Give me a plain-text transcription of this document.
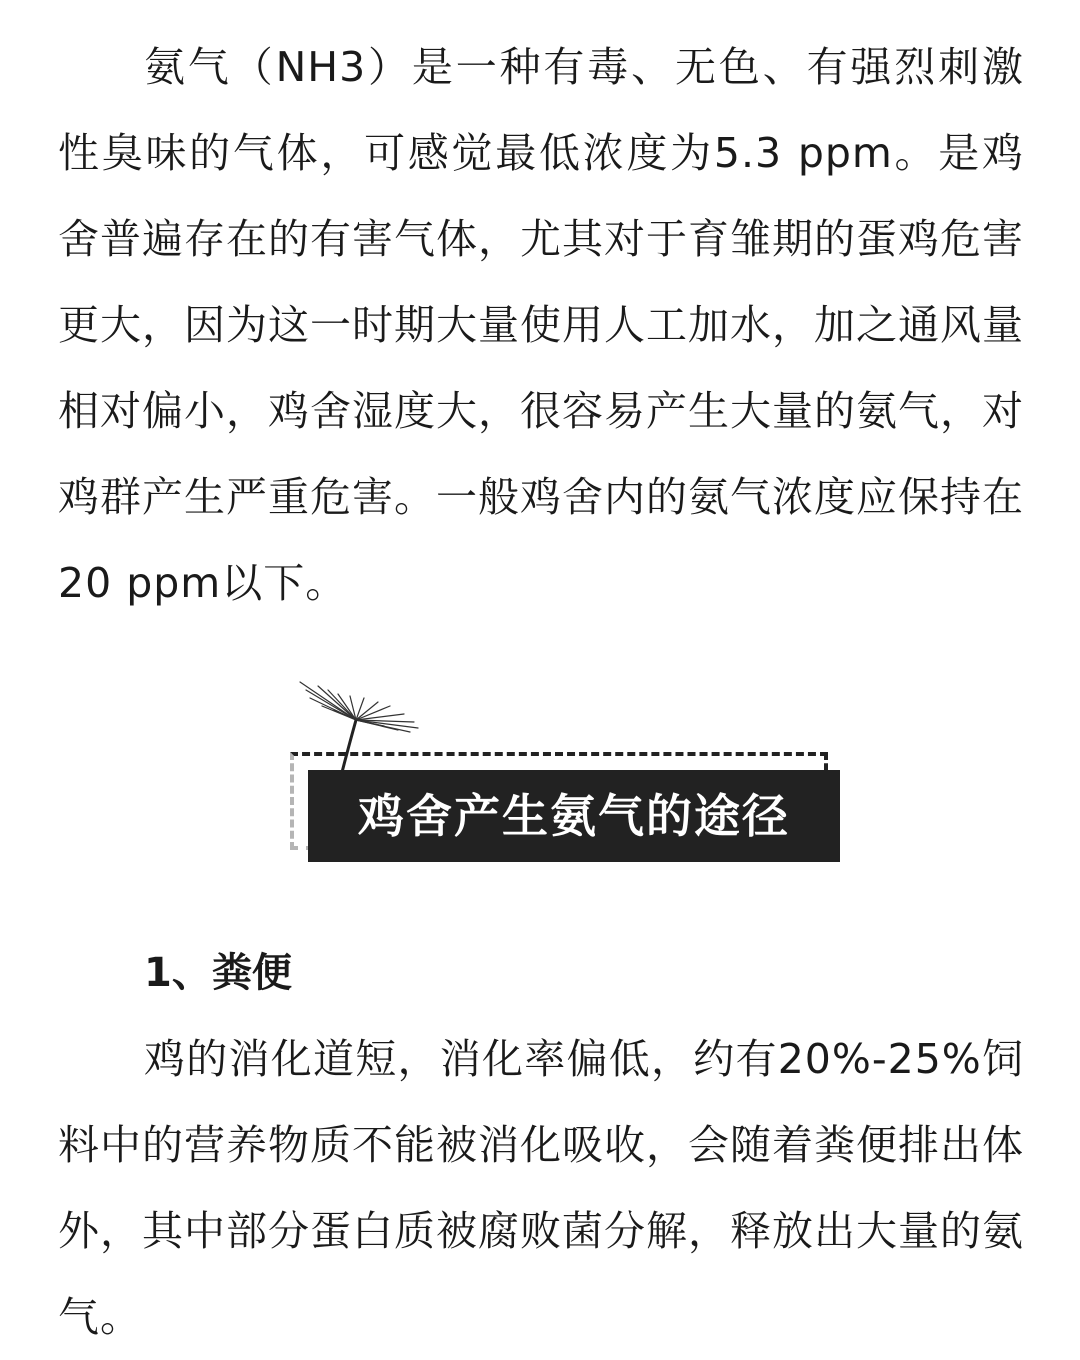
氨气（NH3）是一种有毒、无色、有强烈刺激性臭味的气体，可感觉最低浓度为5.3 ppm。是鸡舍普遍存在的有害气体，尤其对于育雏期的蛋鸡危害更大，因为这一时期大量使用人工加水，加之通风量相对偏小，鸡舍湿度大，很容易产生大量的氨气，对鸡群产生严重危害。一般鸡舍内的氨气浓度应保持在20 ppm以下。

鸡舍产生氨气的途径
1、粪便

鸡的消化道短，消化率偏低，约有20%-25%饲料中的营养物质不能被消化吸收，会随着粪便排出体外，其中部分蛋白质被腐败菌分解，释放出大量的氨气。
